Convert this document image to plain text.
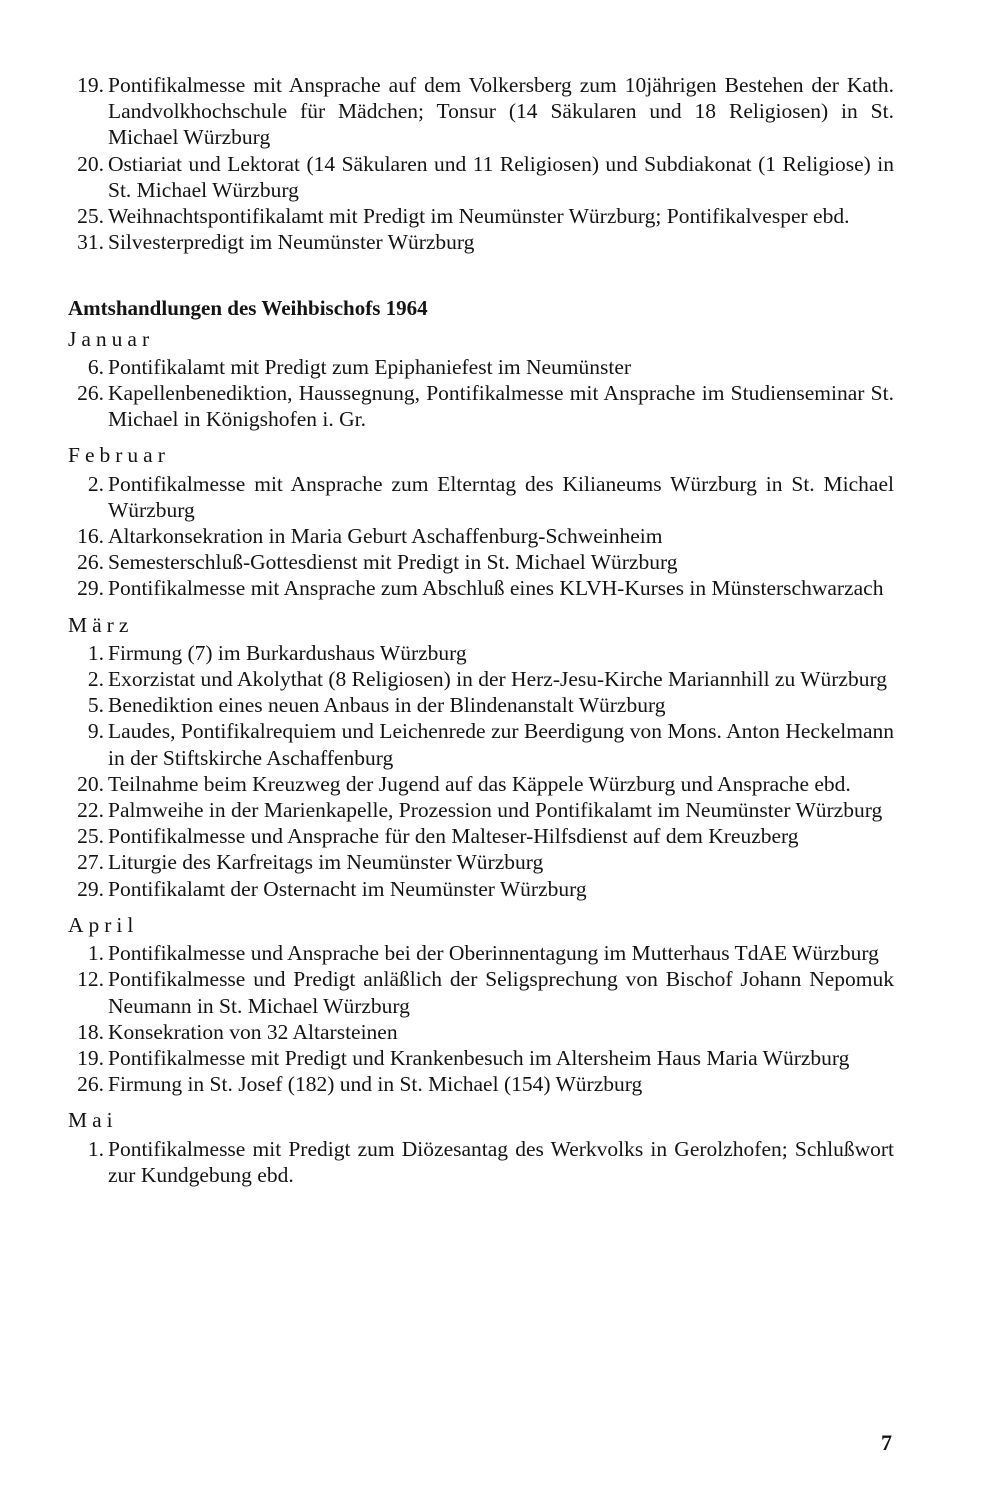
19. Pontifikalmesse mit Ansprache auf dem Volkersberg zum 10jährigen Bestehen der Kath. Landvolkhochschule für Mädchen; Tonsur (14 Säkularen und 18 Religiosen) in St. Michael Würzburg
20. Ostiariat und Lektorat (14 Säkularen und 11 Religiosen) und Subdiakonat (1 Religiose) in St. Michael Würzburg
25. Weihnachtspontifikalamt mit Predigt im Neumünster Würzburg; Pontifikalvesper ebd.
31. Silvesterpredigt im Neumünster Würzburg
Amtshandlungen des Weihbischofs 1964
Januar
6. Pontifikalamt mit Predigt zum Epiphaniefest im Neumünster
26. Kapellenbenediktion, Haussegnung, Pontifikalmesse mit Ansprache im Studienseminar St. Michael in Königshofen i. Gr.
Februar
2. Pontifikalmesse mit Ansprache zum Elterntag des Kilianeums Würzburg in St. Michael Würzburg
16. Altarkonsekration in Maria Geburt Aschaffenburg-Schweinheim
26. Semesterschluß-Gottesdienst mit Predigt in St. Michael Würzburg
29. Pontifikalmesse mit Ansprache zum Abschluß eines KLVH-Kurses in Münsterschwarzach
März
1. Firmung (7) im Burkardushaus Würzburg
2. Exorzistat und Akolythat (8 Religiosen) in der Herz-Jesu-Kirche Mariannhill zu Würzburg
5. Benediktion eines neuen Anbaus in der Blindenanstalt Würzburg
9. Laudes, Pontifikalrequiem und Leichenrede zur Beerdigung von Mons. Anton Heckelmann in der Stiftskirche Aschaffenburg
20. Teilnahme beim Kreuzweg der Jugend auf das Käppele Würzburg und Ansprache ebd.
22. Palmweihe in der Marienkapelle, Prozession und Pontifikalamt im Neumünster Würzburg
25. Pontifikalmesse und Ansprache für den Malteser-Hilfsdienst auf dem Kreuzberg
27. Liturgie des Karfreitags im Neumünster Würzburg
29. Pontifikalamt der Osternacht im Neumünster Würzburg
April
1. Pontifikalmesse und Ansprache bei der Oberinnentagung im Mutterhaus TdAE Würzburg
12. Pontifikalmesse und Predigt anläßlich der Seligsprechung von Bischof Johann Nepomuk Neumann in St. Michael Würzburg
18. Konsekration von 32 Altarsteinen
19. Pontifikalmesse mit Predigt und Krankenbesuch im Altersheim Haus Maria Würzburg
26. Firmung in St. Josef (182) und in St. Michael (154) Würzburg
Mai
1. Pontifikalmesse mit Predigt zum Diözesantag des Werkvolks in Gerolzhofen; Schlußwort zur Kundgebung ebd.
7
